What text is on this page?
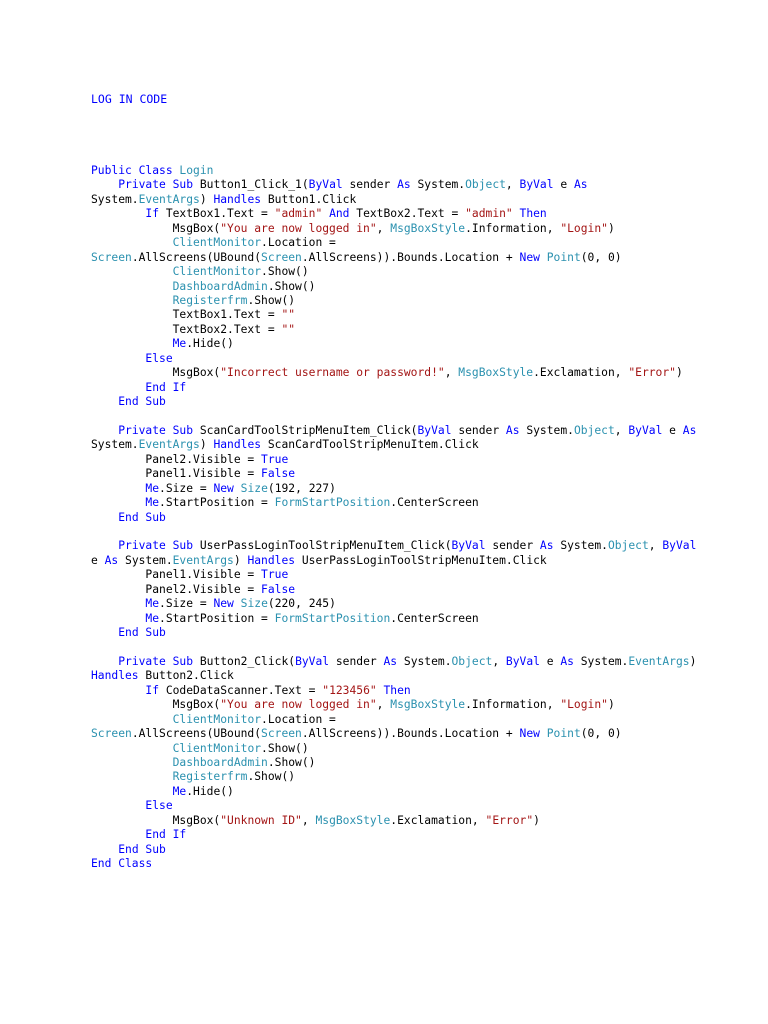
LOG IN CODE
Public Class Login
Private Sub Button1_Click_1(ByVal sender As System.Object, ByVal e As
System.EventArgs) Handles Button1.Click
If TextBox1.Text = "admin" And TextBox2.Text = "admin" Then
MsgBox("You are now logged in", MsgBoxStyle.Information, "Login")
ClientMonitor.Location =
Screen.AllScreens(UBound(Screen.AllScreens)).Bounds.Location + New Point(0, 0)
ClientMonitor.Show()
DashboardAdmin.Show()
Registerfrm.Show()
TextBox1.Text = ""
TextBox2.Text = ""
Me.Hide()
Else
MsgBox("Incorrect username or password!", MsgBoxStyle.Exclamation, "Error")
End If
End Sub

Private Sub ScanCardToolStripMenuItem_Click(ByVal sender As System.Object, ByVal e As
System.EventArgs) Handles ScanCardToolStripMenuItem.Click
Panel2.Visible = True
Panel1.Visible = False
Me.Size = New Size(192, 227)
Me.StartPosition = FormStartPosition.CenterScreen
End Sub

Private Sub UserPassLoginToolStripMenuItem_Click(ByVal sender As System.Object, ByVal
e As System.EventArgs) Handles UserPassLoginToolStripMenuItem.Click
Panel1.Visible = True
Panel2.Visible = False
Me.Size = New Size(220, 245)
Me.StartPosition = FormStartPosition.CenterScreen
End Sub

Private Sub Button2_Click(ByVal sender As System.Object, ByVal e As System.EventArgs)
Handles Button2.Click
If CodeDataScanner.Text = "123456" Then
MsgBox("You are now logged in", MsgBoxStyle.Information, "Login")
ClientMonitor.Location =
Screen.AllScreens(UBound(Screen.AllScreens)).Bounds.Location + New Point(0, 0)
ClientMonitor.Show()
DashboardAdmin.Show()
Registerfrm.Show()
Me.Hide()
Else
MsgBox("Unknown ID", MsgBoxStyle.Exclamation, "Error")
End If
End Sub
End Class
